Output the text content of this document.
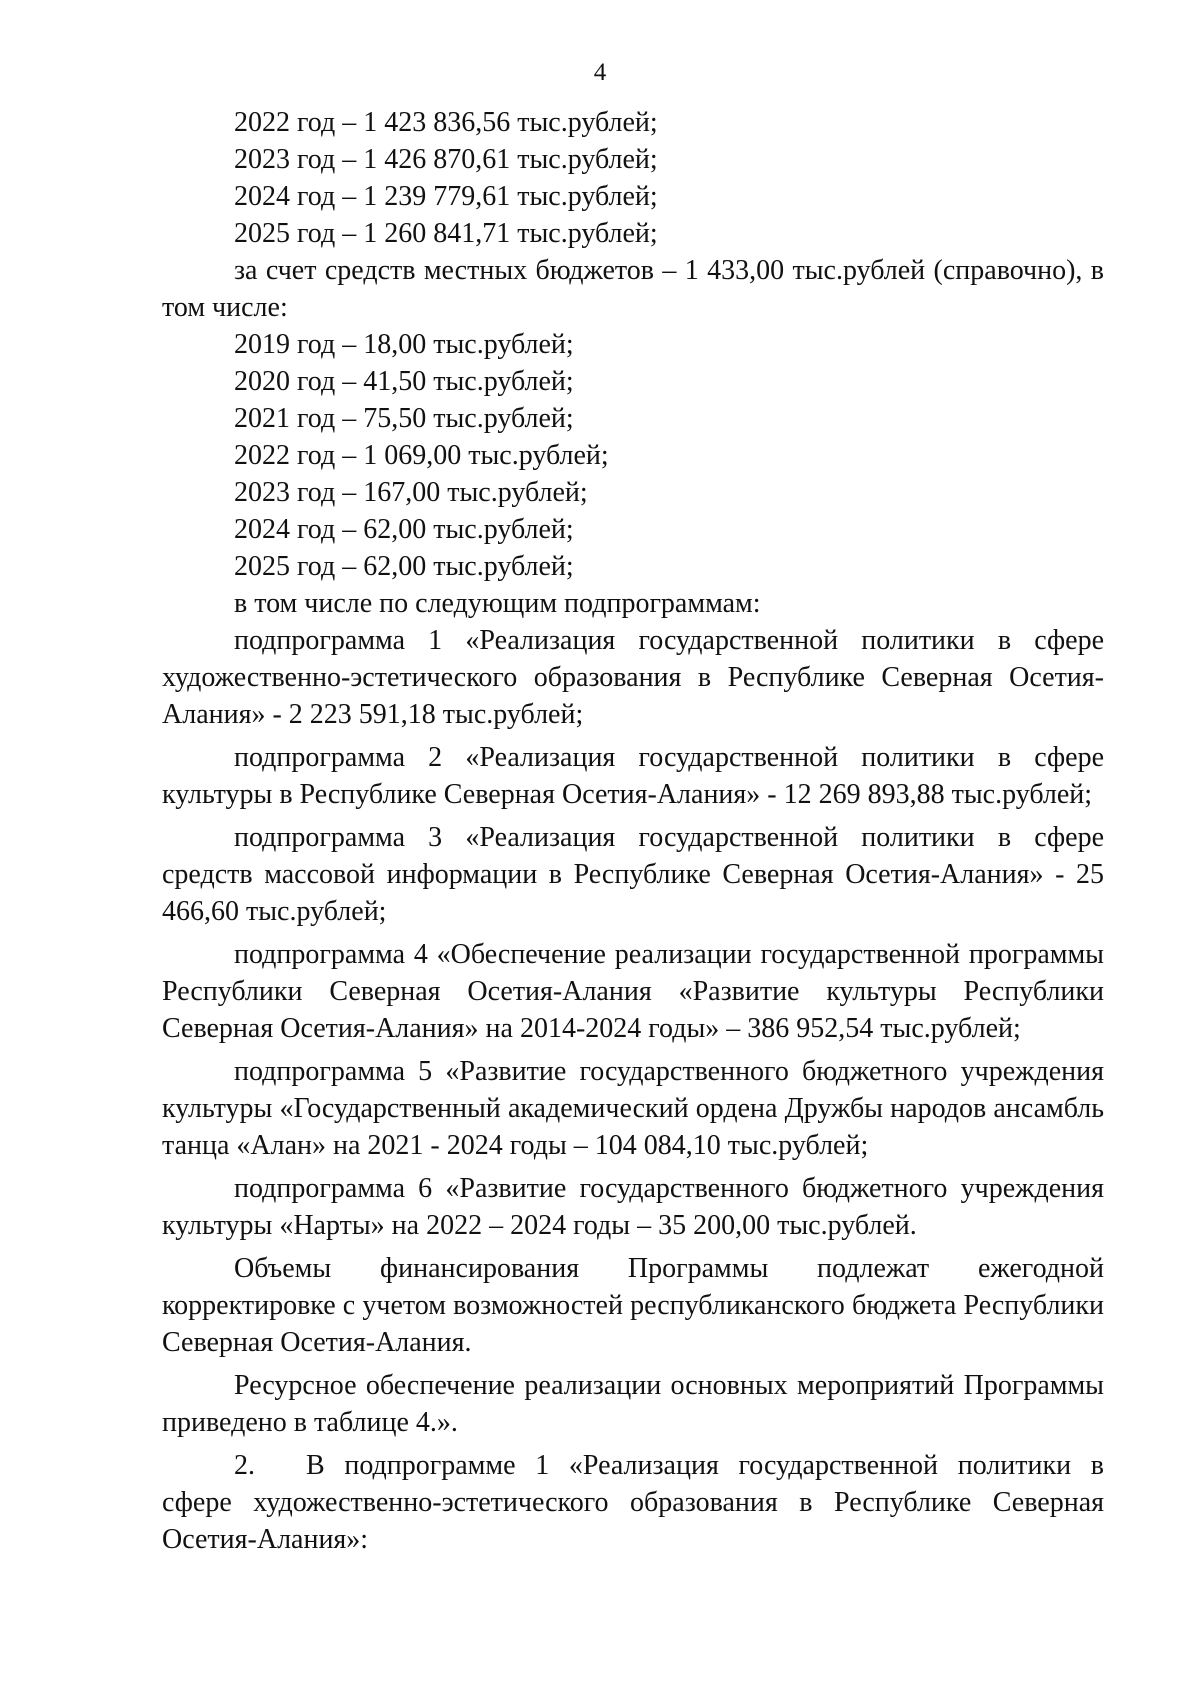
4
2022 год – 1 423 836,56 тыс.рублей;
2023 год – 1 426 870,61 тыс.рублей;
2024 год – 1 239 779,61 тыс.рублей;
2025 год – 1 260 841,71 тыс.рублей;

за счет средств местных бюджетов – 1 433,00 тыс.рублей (справочно), в том числе:

2019 год – 18,00 тыс.рублей;
2020 год – 41,50 тыс.рублей;
2021 год – 75,50 тыс.рублей;
2022 год – 1 069,00 тыс.рублей;
2023 год – 167,00 тыс.рублей;
2024 год – 62,00 тыс.рублей;
2025 год – 62,00 тыс.рублей;
в том числе по следующим подпрограммам:

подпрограмма 1 «Реализация государственной политики в сфере художественно-эстетического образования в Республике Северная Осетия-Алания» - 2 223 591,18 тыс.рублей;

подпрограмма 2 «Реализация государственной политики в сфере культуры в Республике Северная Осетия-Алания» - 12 269 893,88 тыс.рублей;

подпрограмма 3 «Реализация государственной политики в сфере средств массовой информации в Республике Северная Осетия-Алания» - 25 466,60 тыс.рублей;

подпрограмма 4 «Обеспечение реализации государственной программы Республики Северная Осетия-Алания «Развитие культуры Республики Северная Осетия-Алания» на 2014-2024 годы» – 386 952,54 тыс.рублей;

подпрограмма 5 «Развитие государственного бюджетного учреждения культуры «Государственный академический ордена Дружбы народов ансамбль танца «Алан» на 2021 - 2024 годы – 104 084,10 тыс.рублей;

подпрограмма 6 «Развитие государственного бюджетного учреждения культуры «Нарты» на 2022 – 2024 годы – 35 200,00 тыс.рублей.

Объемы финансирования Программы подлежат ежегодной корректировке с учетом возможностей республиканского бюджета Республики Северная Осетия-Алания.

Ресурсное обеспечение реализации основных мероприятий Программы приведено в таблице 4.».

2. В подпрограмме 1 «Реализация государственной политики в сфере художественно-эстетического образования в Республике Северная Осетия-Алания»:
